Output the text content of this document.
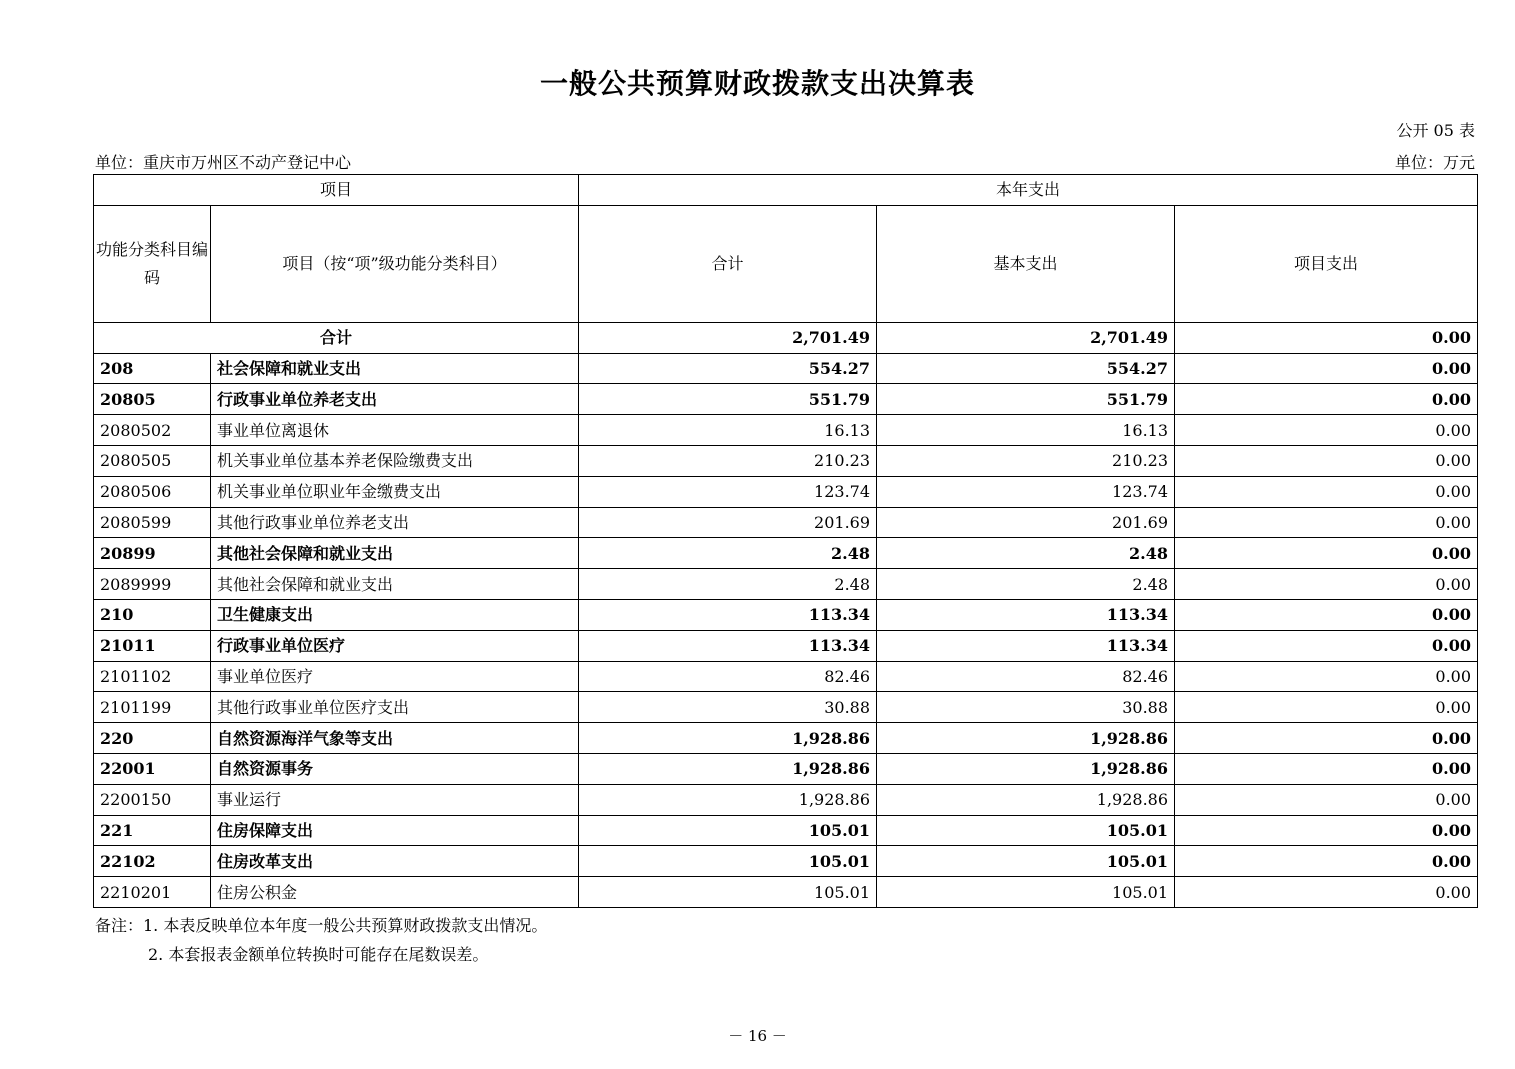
一般公共预算财政拨款支出决算表
公开 05 表
单位：重庆市万州区不动产登记中心	单位：万元
项目		本年支出		
功能分类科目编码	项目（按“项”级功能分类科目）	合计	基本支出	项目支出
合计		2,701.49	2,701.49	0.00
208	社会保障和就业支出	554.27	554.27	0.00
20805	行政事业单位养老支出	551.79	551.79	0.00
2080502	事业单位离退休	16.13	16.13	0.00
2080505	机关事业单位基本养老保险缴费支出	210.23	210.23	0.00
2080506	机关事业单位职业年金缴费支出	123.74	123.74	0.00
2080599	其他行政事业单位养老支出	201.69	201.69	0.00
20899	其他社会保障和就业支出	2.48	2.48	0.00
2089999	其他社会保障和就业支出	2.48	2.48	0.00
210	卫生健康支出	113.34	113.34	0.00
21011	行政事业单位医疗	113.34	113.34	0.00
2101102	事业单位医疗	82.46	82.46	0.00
2101199	其他行政事业单位医疗支出	30.88	30.88	0.00
220	自然资源海洋气象等支出	1,928.86	1,928.86	0.00
22001	自然资源事务	1,928.86	1,928.86	0.00
2200150	事业运行	1,928.86	1,928.86	0.00
221	住房保障支出	105.01	105.01	0.00
22102	住房改革支出	105.01	105.01	0.00
2210201	住房公积金	105.01	105.01	0.00
备注：1. 本表反映单位本年度一般公共预算财政拨款支出情况。
2. 本套报表金额单位转换时可能存在尾数误差。
－ 16 －
